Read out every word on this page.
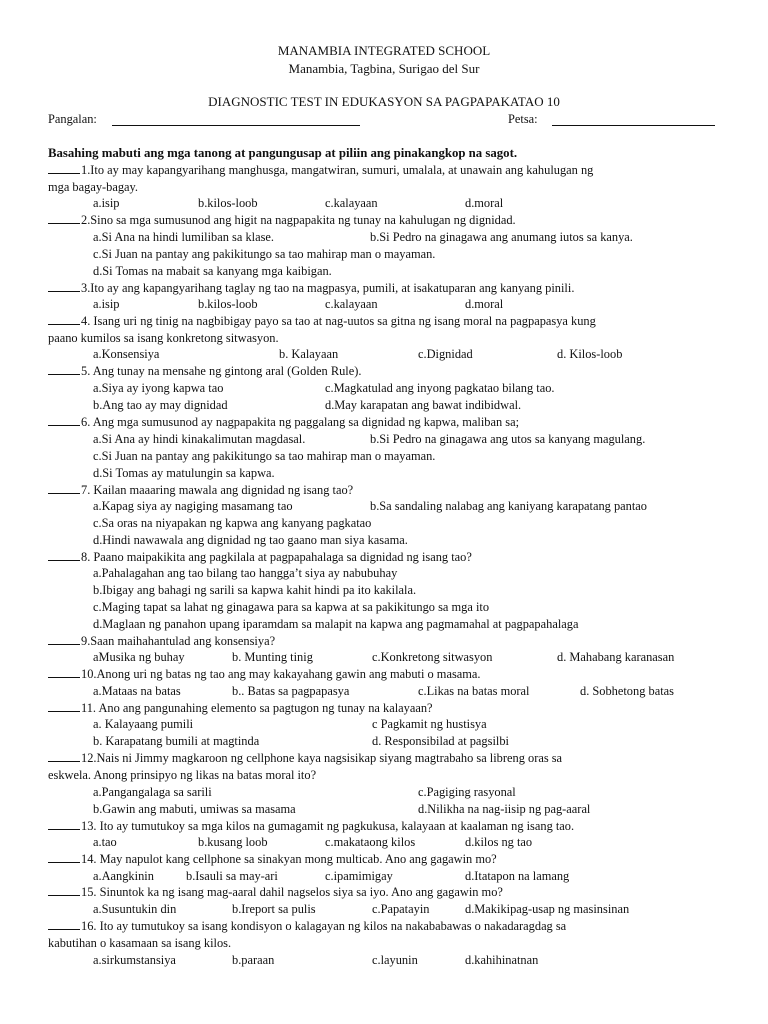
MANAMBIA INTEGRATED SCHOOL
Manambia, Tagbina, Surigao del Sur
DIAGNOSTIC TEST IN EDUKASYON SA PAGPAPAKATAO 10
Pangalan:	Petsa:
Basahing mabuti ang mga tanong at pangungusap at piliin ang pinakangkop na sagot.
1.Ito ay may kapangyarihang manghusga, mangatwiran, sumuri, umalala, at unawain ang kahulugan ng
mga bagay-bagay.
a.isip	b.kilos-loob	c.kalayaan	d.moral
2.Sino sa mga sumusunod ang higit na nagpapakita ng tunay na kahulugan ng dignidad.
a.Si Ana na hindi lumiliban sa klase.	b.Si Pedro na ginagawa ang anumang iutos sa kanya.
c.Si Juan na pantay ang pakikitungo sa tao mahirap man o mayaman.
d.Si Tomas na mabait sa kanyang mga kaibigan.
3.Ito ay ang kapangyarihang taglay ng tao na magpasya, pumili, at isakatuparan ang kanyang pinili.
a.isip	b.kilos-loob	c.kalayaan	d.moral
4. Isang uri ng tinig na nagbibigay payo sa tao at nag-uutos sa gitna ng isang moral na pagpapasya kung
paano kumilos sa isang konkretong sitwasyon.
a.Konsensiya	b. Kalayaan	c.Dignidad	d. Kilos-loob
5. Ang tunay na mensahe ng gintong aral (Golden Rule).
a.Siya ay iyong kapwa tao	c.Magkatulad ang inyong pagkatao bilang tao.
b.Ang tao ay may dignidad	d.May karapatan ang bawat indibidwal.
6. Ang mga sumusunod ay nagpapakita ng paggalang sa dignidad ng kapwa, maliban sa;
a.Si Ana ay hindi kinakalimutan magdasal.	b.Si Pedro na ginagawa ang utos sa kanyang magulang.
c.Si Juan na pantay ang pakikitungo sa tao mahirap man o mayaman.
d.Si Tomas ay matulungin sa kapwa.
7. Kailan maaaring mawala ang dignidad ng isang tao?
a.Kapag siya ay nagiging masamang tao	b.Sa sandaling nalabag ang kaniyang karapatang pantao
c.Sa oras na niyapakan ng kapwa ang kanyang pagkatao
d.Hindi nawawala ang dignidad ng tao gaano man siya kasama.
8. Paano maipakikita ang pagkilala at pagpapahalaga sa dignidad ng isang tao?
a.Pahalagahan ang tao bilang tao hangga’t siya ay nabubuhay
b.Ibigay ang bahagi ng sarili sa kapwa kahit hindi pa ito kakilala.
c.Maging tapat sa lahat ng ginagawa para sa kapwa at sa pakikitungo sa mga ito
d.Maglaan ng panahon upang iparamdam sa malapit na kapwa ang pagmamahal at pagpapahalaga
9.Saan maihahantulad ang konsensiya?
aMusika ng buhay	b. Munting tinig	c.Konkretong sitwasyon	d. Mahabang karanasan
10.Anong uri ng batas ng tao ang may kakayahang gawin ang mabuti o masama.
a.Mataas na batas	b.. Batas sa pagpapasya	c.Likas na batas moral	d. Sobhetong batas
11. Ano ang pangunahing elemento sa pagtugon ng tunay na kalayaan?
a. Kalayaang pumili	c Pagkamit ng hustisya
b. Karapatang bumili at magtinda	d. Responsibilad at pagsilbi
12.Nais ni Jimmy magkaroon ng cellphone kaya nagsisikap siyang magtrabaho sa libreng oras sa
eskwela. Anong prinsipyo ng likas na batas moral ito?
a.Pangangalaga sa sarili	c.Pagiging rasyonal
b.Gawin ang mabuti, umiwas sa masama	d.Nilikha na nag-iisip ng pag-aaral
13. Ito ay tumutukoy sa mga kilos na gumagamit ng pagkukusa, kalayaan at kaalaman ng isang tao.
a.tao	b.kusang loob	c.makataong kilos	d.kilos ng tao
14. May napulot kang cellphone sa sinakyan mong multicab. Ano ang gagawin mo?
a.Aangkinin	b.Isauli sa may-ari	c.ipamimigay	d.Itatapon na lamang
15. Sinuntok ka ng isang mag-aaral dahil nagselos siya sa iyo. Ano ang gagawin mo?
a.Susuntukin din	b.Ireport sa pulis	c.Papatayin	d.Makikipag-usap ng masinsinan
16. Ito ay tumutukoy sa isang kondisyon o kalagayan ng kilos na nakababawas o nakadaragdag sa
kabutihan o kasamaan sa isang kilos.
a.sirkumstansiya	b.paraan	c.layunin	d.kahihinatnan
